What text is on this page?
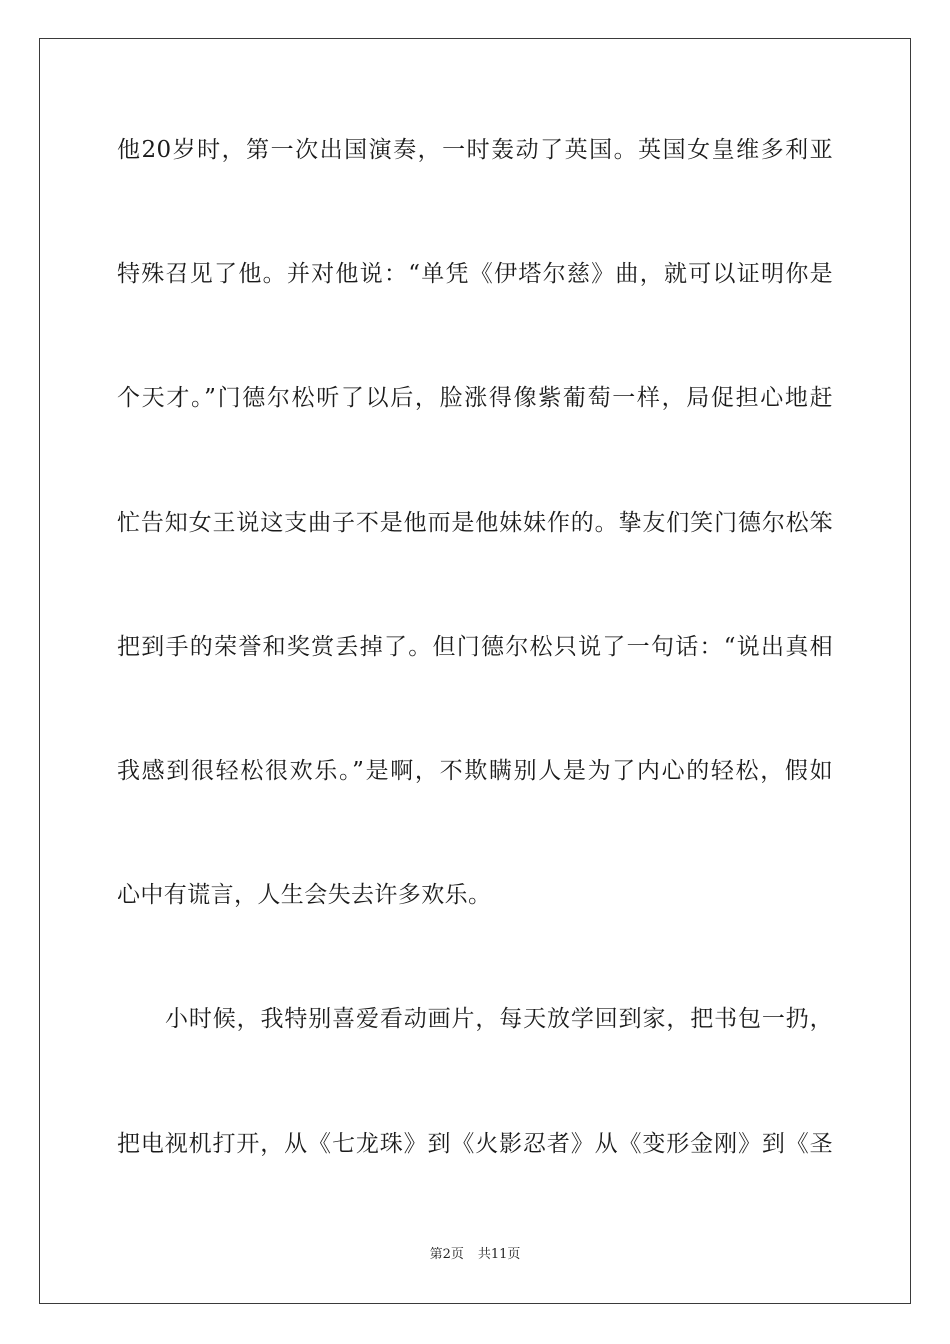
他20岁时，第一次出国演奏，一时轰动了英国。英国女皇维多利亚

特殊召见了他。并对他说：“单凭《伊塔尔慈》曲，就可以证明你是

个天才。”门德尔松听了以后，脸涨得像紫葡萄一样，局促担心地赶

忙告知女王说这支曲子不是他而是他妹妹作的。挚友们笑门德尔松笨

把到手的荣誉和奖赏丢掉了。但门德尔松只说了一句话：“说出真相

我感到很轻松很欢乐。”是啊，不欺瞒别人是为了内心的轻松，假如

心中有谎言，人生会失去许多欢乐。

小时候，我特别喜爱看动画片，每天放学回到家，把书包一扔，

把电视机打开，从《七龙珠》到《火影忍者》从《变形金刚》到《圣

第2页 共11页
